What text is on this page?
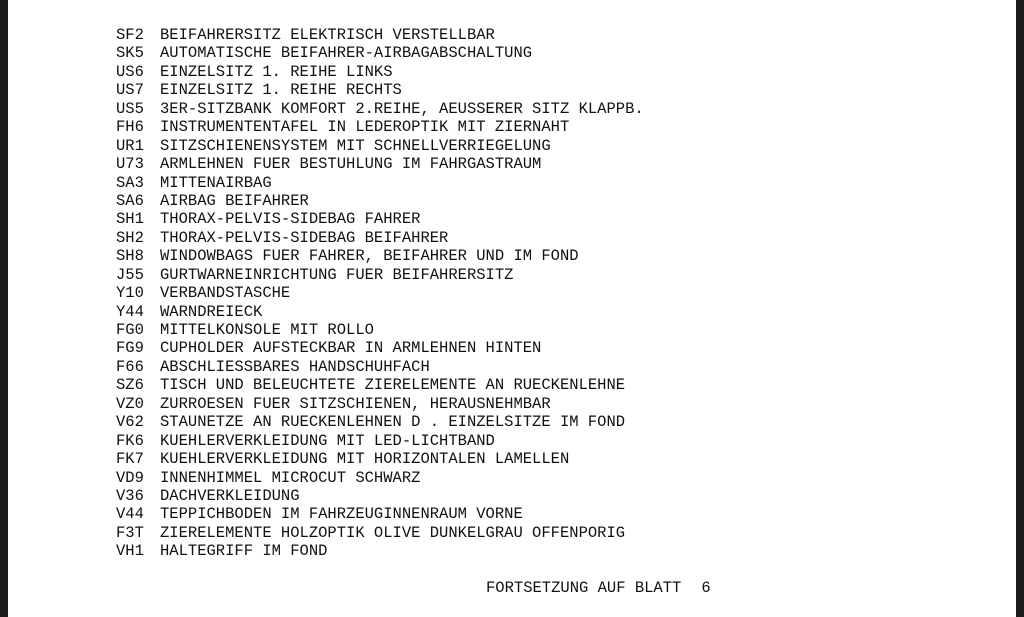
SF2 BEIFAHRERSITZ ELEKTRISCH VERSTELLBAR
SK5 AUTOMATISCHE BEIFAHRER-AIRBAGABSCHALTUNG
US6 EINZELSITZ 1. REIHE LINKS
US7 EINZELSITZ 1. REIHE RECHTS
US5 3ER-SITZBANK KOMFORT 2.REIHE, AEUSSERER SITZ KLAPPB.
FH6 INSTRUMENTENTAFEL IN LEDEROPTIK MIT ZIERNAHT
UR1 SITZSCHIENENSYSTEM MIT SCHNELLVERRIEGELUNG
U73 ARMLEHNEN FUER BESTUHLUNG IM FAHRGASTRAUM
SA3 MITTENAIRBAG
SA6 AIRBAG BEIFAHRER
SH1 THORAX-PELVIS-SIDEBAG FAHRER
SH2 THORAX-PELVIS-SIDEBAG BEIFAHRER
SH8 WINDOWBAGS FUER FAHRER, BEIFAHRER UND IM FOND
J55 GURTWARNEINRICHTUNG FUER BEIFAHRERSITZ
Y10 VERBANDSTASCHE
Y44 WARNDREIECK
FG0 MITTELKONSOLE MIT ROLLO
FG9 CUPHOLDER AUFSTECKBAR IN ARMLEHNEN HINTEN
F66 ABSCHLIESSBARES HANDSCHUHFACH
SZ6 TISCH UND BELEUCHTETE ZIERELEMENTE AN RUECKENLEHNE
VZ0 ZURROESEN FUER SITZSCHIENEN, HERAUSNEHMBAR
V62 STAUNETZE AN RUECKENLEHNEN D . EINZELSITZE IM FOND
FK6 KUEHLERVERKLEIDUNG MIT LED-LICHTBAND
FK7 KUEHLERVERKLEIDUNG MIT HORIZONTALEN LAMELLEN
VD9 INNENHIMMEL MICROCUT SCHWARZ
V36 DACHVERKLEIDUNG
V44 TEPPICHBODEN IM FAHRZEUGINNENRAUM VORNE
F3T ZIERELEMENTE HOLZOPTIK OLIVE DUNKELGRAU OFFENPORIG
VH1 HALTEGRIFF IM FOND
FORTSETZUNG AUF BLATT 6
